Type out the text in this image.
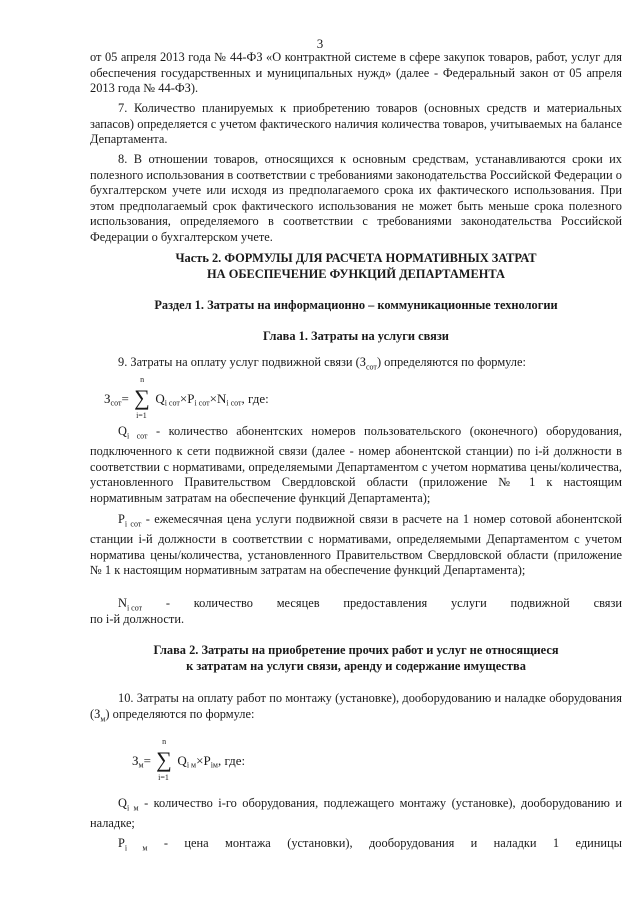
3
от 05 апреля 2013 года № 44-ФЗ «О контрактной системе в сфере закупок товаров, работ, услуг для обеспечения государственных и муниципальных нужд» (далее - Федеральный закон от 05 апреля 2013 года № 44-ФЗ).
7. Количество планируемых к приобретению товаров (основных средств и материальных запасов) определяется с учетом фактического наличия количества товаров, учитываемых на балансе Департамента.
8. В отношении товаров, относящихся к основным средствам, устанавливаются сроки их полезного использования в соответствии с требованиями законодательства Российской Федерации о бухгалтерском учете или исходя из предполагаемого срока их фактического использования. При этом предполагаемый срок фактического использования не может быть меньше срока полезного использования, определяемого в соответствии с требованиями законодательства Российской Федерации о бухгалтерском учете.
Часть 2. ФОРМУЛЫ ДЛЯ РАСЧЕТА НОРМАТИВНЫХ ЗАТРАТ
НА ОБЕСПЕЧЕНИЕ ФУНКЦИЙ ДЕПАРТАМЕНТА
Раздел 1. Затраты на информационно – коммуникационные технологии
Глава 1. Затраты на услуги связи
9. Затраты на оплату услуг подвижной связи $(З_{сот})$ определяются по формуле:
$З_{сот}=$ ∑
n
i=1
$Q_{i сот}\times P_{i сот}\times N_{i сот}$, где:
$Q_{i сот}$ - количество абонентских номеров пользовательского (оконечного) оборудования, подключенного к сети подвижной связи (далее - номер абонентской станции) по i-й должности в соответствии с нормативами, определяемыми Департаментом с учетом норматива цены/количества, установленного Правительством Свердловской области (приложение № 1 к настоящим нормативным затратам на обеспечение функций Департамента);
$P_{i сот}$ - ежемесячная цена услуги подвижной связи в расчете на 1 номер сотовой абонентской станции i-й должности в соответствии с нормативами, определяемыми Департаментом с учетом норматива цены/количества, установленного Правительством Свердловской области (приложение № 1 к настоящим нормативным затратам на обеспечение функций Департамента);
$N_{i сот}$ - количество месяцев предоставления услуги подвижной связи
по i-й должности.
Глава 2. Затраты на приобретение прочих работ и услуг не относящиеся
к затратам на услуги связи, аренду и содержание имущества
10. Затраты на оплату работ по монтажу (установке), дооборудованию и наладке оборудования $(З_м)$ определяются по формуле:
$З_м=$ ∑
n
i=1
$Q_{i м}\times P_{iм}$, где:
$Q_{i м}$ - количество i-го оборудования, подлежащего монтажу (установке), дооборудованию и наладке;
$P_{i м}$ - цена монтажа (установки), дооборудования и наладки 1 единицы
